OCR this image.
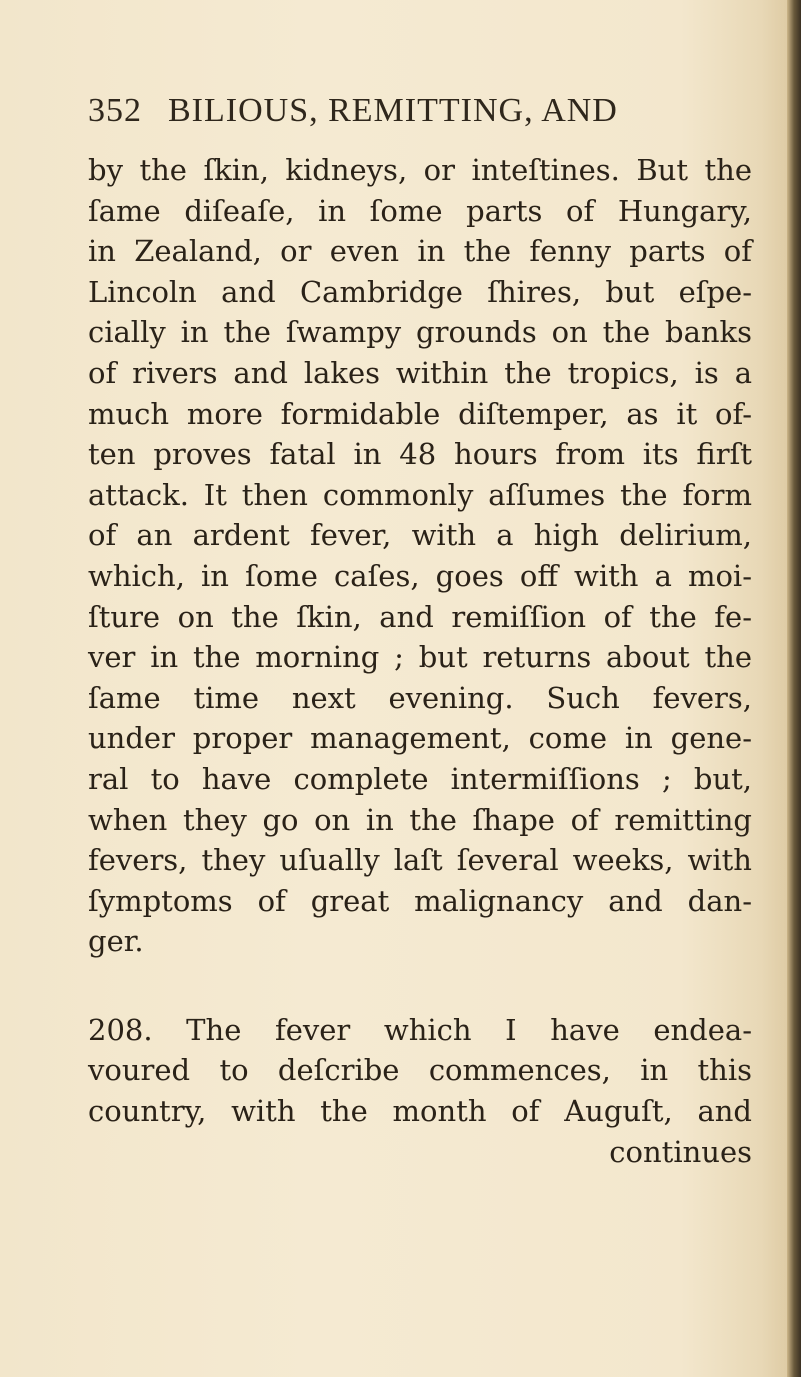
352 BILIOUS, REMITTING, AND
by the ſkin, kidneys, or inteſtines. But the
ſame diſeaſe, in ſome parts of Hungary,
in Zealand, or even in the fenny parts of
Lincoln and Cambridge ſhires, but eſpe-
cially in the ſwampy grounds on the banks
of rivers and lakes within the tropics, is a
much more formidable diſtemper, as it of-
ten proves fatal in 48 hours from its firſt
attack. It then commonly aſſumes the form
of an ardent fever, with a high delirium,
which, in ſome caſes, goes off with a moi-
ſture on the ſkin, and remiſſion of the fe-
ver in the morning ; but returns about the
ſame time next evening. Such fevers,
under proper management, come in gene-
ral to have complete intermiſſions ; but,
when they go on in the ſhape of remitting
fevers, they uſually laſt ſeveral weeks, with
ſymptoms of great malignancy and dan-
ger.
208. The fever which I have endea-
voured to deſcribe commences, in this
country, with the month of Auguſt, and
continues
